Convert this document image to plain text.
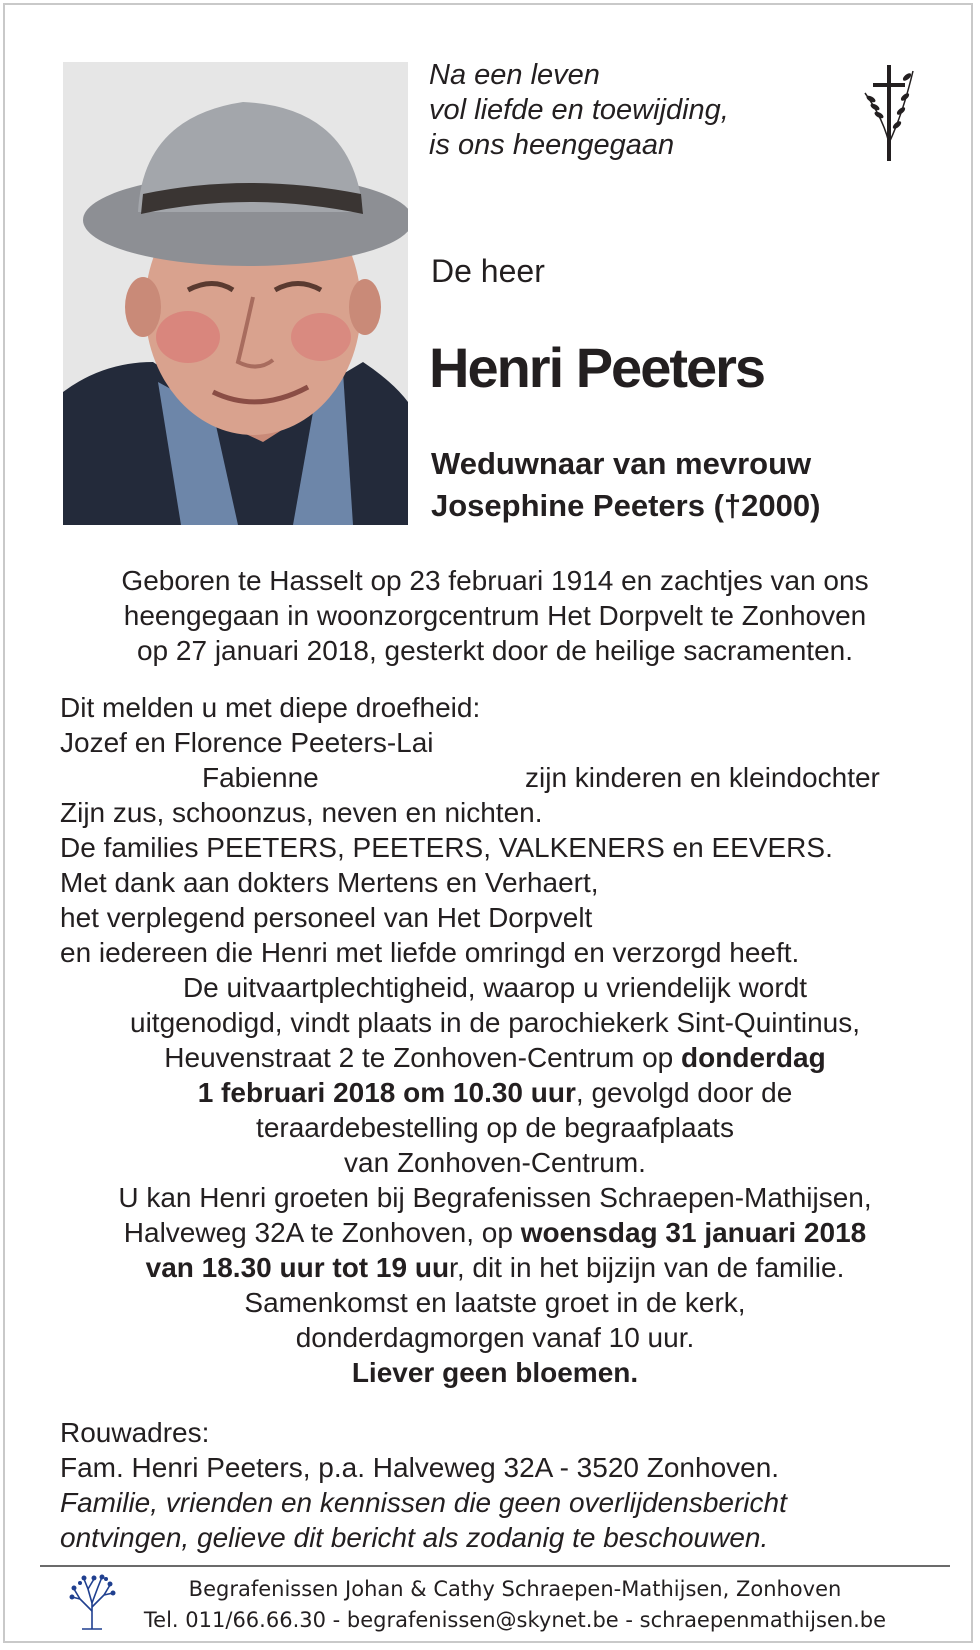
Na een leven
vol liefde en toewijding,
is ons heengegaan
De heer
Henri Peeters
Weduwnaar van mevrouw
Josephine Peeters (†2000)
Geboren te Hasselt op 23 februari 1914 en zachtjes van ons
heengegaan in woonzorgcentrum Het Dorpvelt te Zonhoven
op 27 januari 2018, gesterkt door de heilige sacramenten.
Dit melden u met diepe droefheid:
Jozef en Florence Peeters-Lai
Fabienne	zijn kinderen en kleindochter
Zijn zus, schoonzus, neven en nichten.
De families PEETERS, PEETERS, VALKENERS en EEVERS.
Met dank aan dokters Mertens en Verhaert,
het verplegend personeel van Het Dorpvelt
en iedereen die Henri met liefde omringd en verzorgd heeft.
De uitvaartplechtigheid, waarop u vriendelijk wordt
uitgenodigd, vindt plaats in de parochiekerk Sint-Quintinus,
Heuvenstraat 2 te Zonhoven-Centrum op donderdag
1 februari 2018 om 10.30 uur, gevolgd door de
teraardebestelling op de begraafplaats
van Zonhoven-Centrum.
U kan Henri groeten bij Begrafenissen Schraepen-Mathijsen,
Halveweg 32A te Zonhoven, op woensdag 31 januari 2018
van 18.30 uur tot 19 uur, dit in het bijzijn van de familie.
Samenkomst en laatste groet in de kerk,
donderdagmorgen vanaf 10 uur.
Liever geen bloemen.
Rouwadres:
Fam. Henri Peeters, p.a. Halveweg 32A - 3520 Zonhoven.
Familie, vrienden en kennissen die geen overlijdensbericht
ontvingen, gelieve dit bericht als zodanig te beschouwen.
Begrafenissen Johan & Cathy Schraepen-Mathijsen, Zonhoven
Tel. 011/66.66.30 - begrafenissen@skynet.be - schraepenmathijsen.be
